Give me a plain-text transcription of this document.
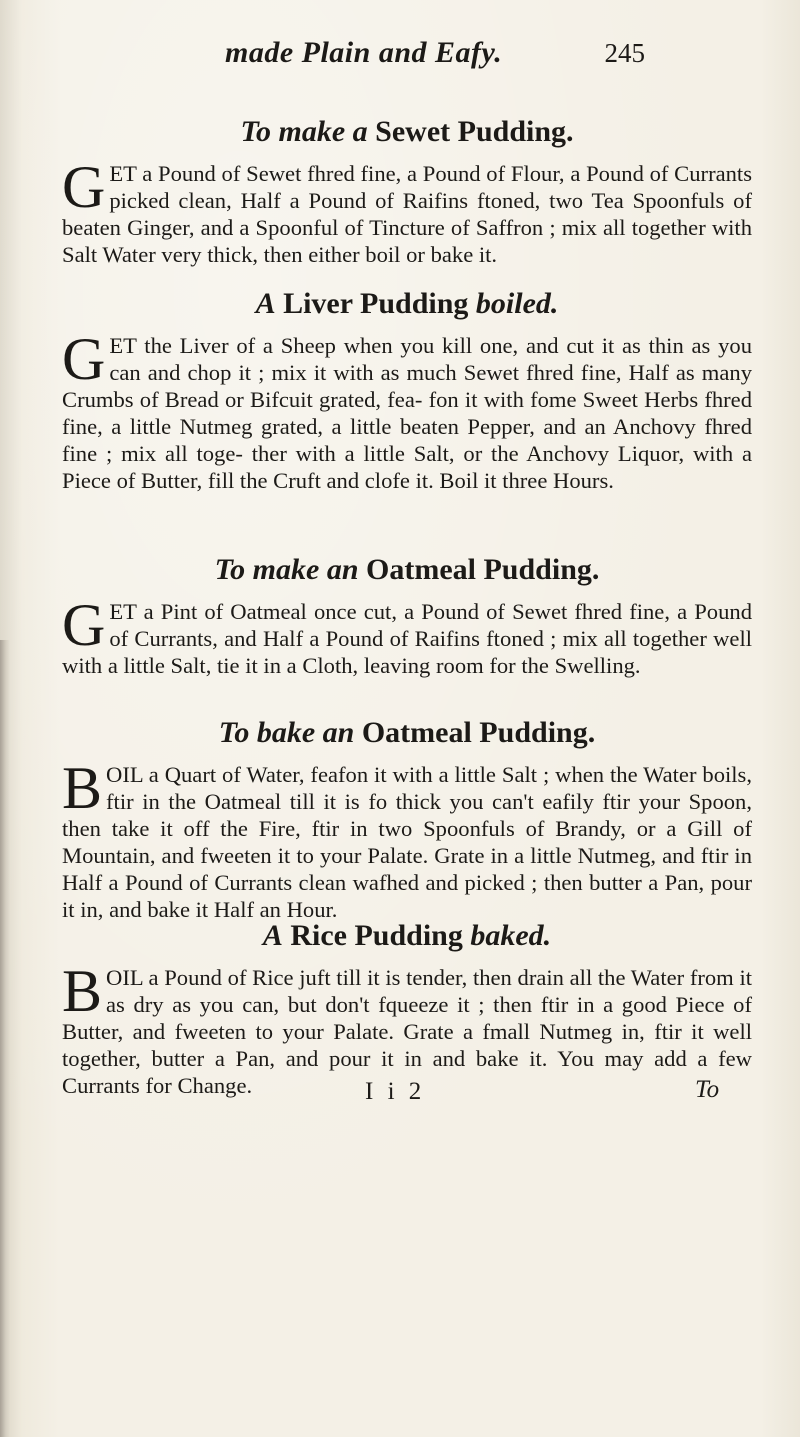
made Plain and Eafy.	245
To make a Sewet Pudding.

GET a Pound of Sewet fhred fine, a Pound of Flour, a Pound of Currants picked clean, Half a Pound of Raifins ftoned, two Tea Spoonfuls of beaten Ginger, and a Spoonful of Tincture of Saffron ; mix all together with Salt Water very thick, then either boil or bake it.

A Liver Pudding boiled.

GET the Liver of a Sheep when you kill one, and cut it as thin as you can and chop it ; mix it with as much Sewet fhred fine, Half as many Crumbs of Bread or Bifcuit grated, fea- fon it with fome Sweet Herbs fhred fine, a little Nutmeg grated, a little beaten Pepper, and an Anchovy fhred fine ; mix all toge- ther with a little Salt, or the Anchovy Liquor, with a Piece of Butter, fill the Cruft and clofe it. Boil it three Hours.

To make an Oatmeal Pudding.

GET a Pint of Oatmeal once cut, a Pound of Sewet fhred fine, a Pound of Currants, and Half a Pound of Raifins ftoned ; mix all together well with a little Salt, tie it in a Cloth, leaving room for the Swelling.

To bake an Oatmeal Pudding.

BOIL a Quart of Water, feafon it with a little Salt ; when the Water boils, ftir in the Oatmeal till it is fo thick you can't eafily ftir your Spoon, then take it off the Fire, ftir in two Spoonfuls of Brandy, or a Gill of Mountain, and fweeten it to your Palate. Grate in a little Nutmeg, and ftir in Half a Pound of Currants clean wafhed and picked ; then butter a Pan, pour it in, and bake it Half an Hour.

A Rice Pudding baked.

BOIL a Pound of Rice juft till it is tender, then drain all the Water from it as dry as you can, but don't fqueeze it ; then ftir in a good Piece of Butter, and fweeten to your Palate. Grate a fmall Nutmeg in, ftir it well together, butter a Pan, and pour it in and bake it. You may add a few Currants for Change.	I i 2	To
